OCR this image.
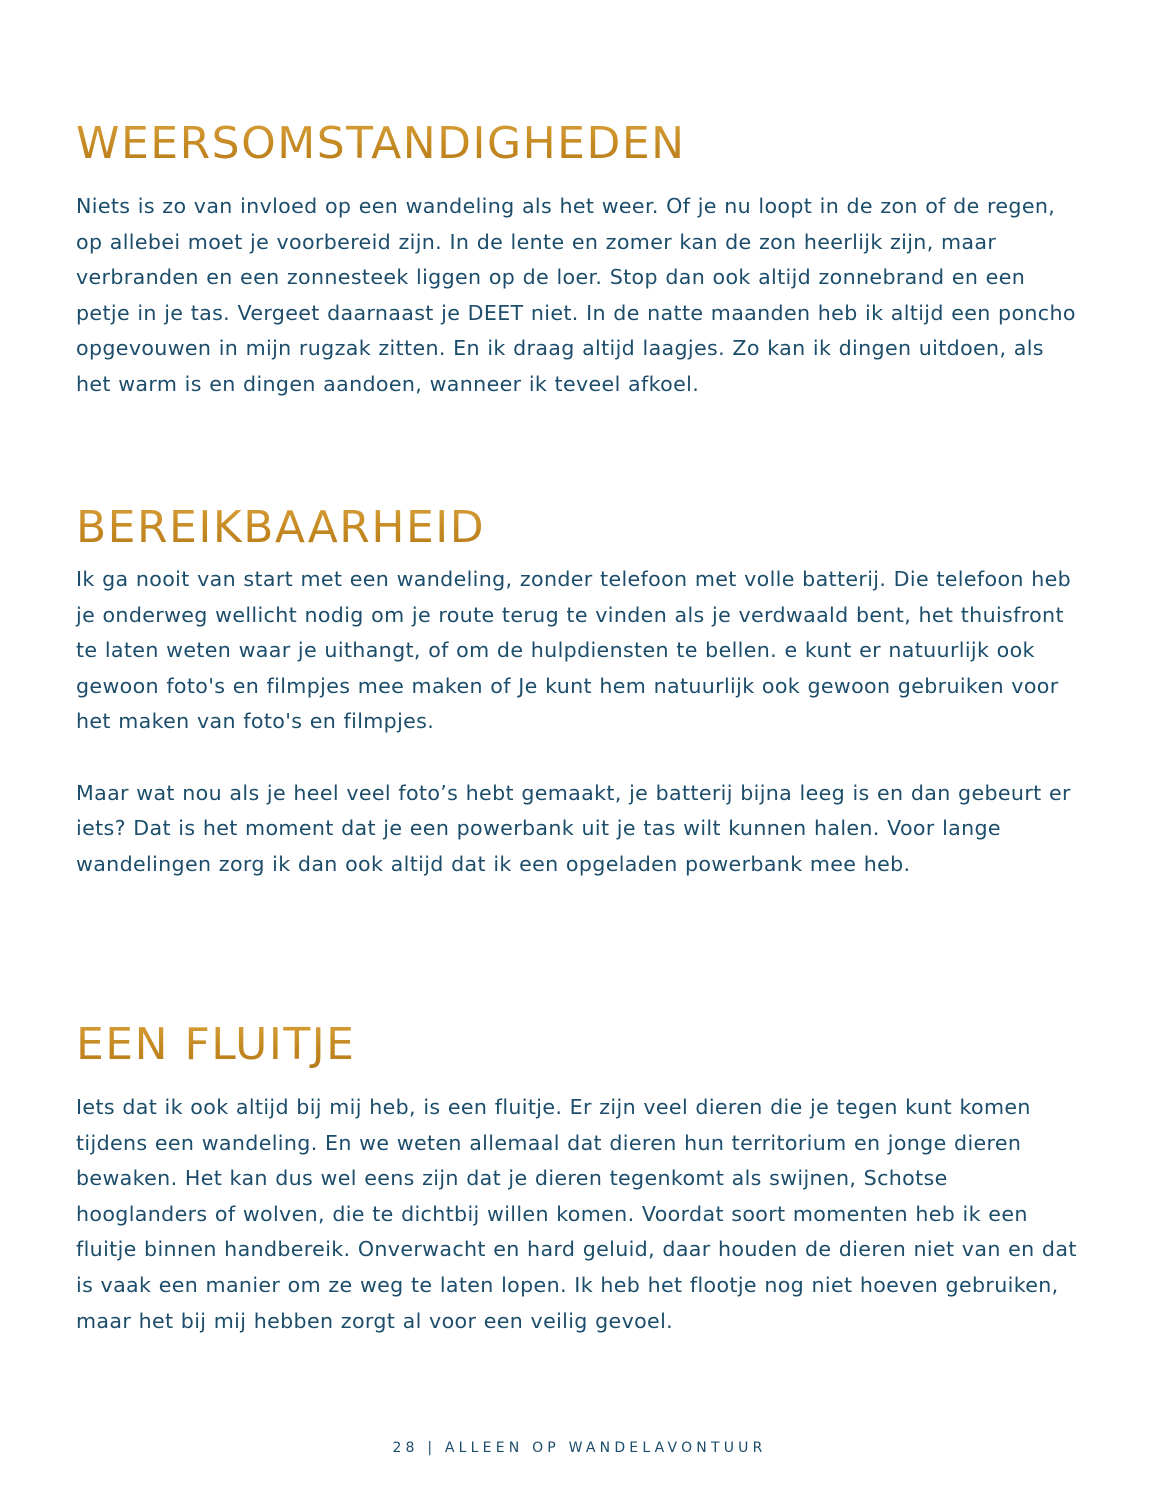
WEERSOMSTANDIGHEDEN

Niets is zo van invloed op een wandeling als het weer. Of je nu loopt in de zon of de regen, op allebei moet je voorbereid zijn. In de lente en zomer kan de zon heerlijk zijn, maar verbranden en een zonnesteek liggen op de loer. Stop dan ook altijd zonnebrand en een petje in je tas. Vergeet daarnaast je DEET niet. In de natte maanden heb ik altijd een poncho opgevouwen in mijn rugzak zitten. En ik draag altijd laagjes. Zo kan ik dingen uitdoen, als het warm is en dingen aandoen, wanneer ik teveel afkoel.

BEREIKBAARHEID

Ik ga nooit van start met een wandeling, zonder telefoon met volle batterij. Die telefoon heb je onderweg wellicht nodig om je route terug te vinden als je verdwaald bent, het thuisfront te laten weten waar je uithangt, of om de hulpdiensten te bellen. e kunt er natuurlijk ook gewoon foto's en filmpjes mee maken of Je kunt hem natuurlijk ook gewoon gebruiken voor het maken van foto's en filmpjes.

Maar wat nou als je heel veel foto’s hebt gemaakt, je batterij bijna leeg is en dan gebeurt er iets? Dat is het moment dat je een powerbank uit je tas wilt kunnen halen. Voor lange wandelingen zorg ik dan ook altijd dat ik een opgeladen powerbank mee heb.

EEN FLUITJE

Iets dat ik ook altijd bij mij heb, is een fluitje. Er zijn veel dieren die je tegen kunt komen tijdens een wandeling. En we weten allemaal dat dieren hun territorium en jonge dieren bewaken. Het kan dus wel eens zijn dat je dieren tegenkomt als swijnen, Schotse hooglanders of wolven, die te dichtbij willen komen. Voordat soort momenten heb ik een fluitje binnen handbereik. Onverwacht en hard geluid, daar houden de dieren niet van en dat is vaak een manier om ze weg te laten lopen. Ik heb het flootje nog niet hoeven gebruiken, maar het bij mij hebben zorgt al voor een veilig gevoel.

28 | ALLEEN OP WANDELAVONTUUR
